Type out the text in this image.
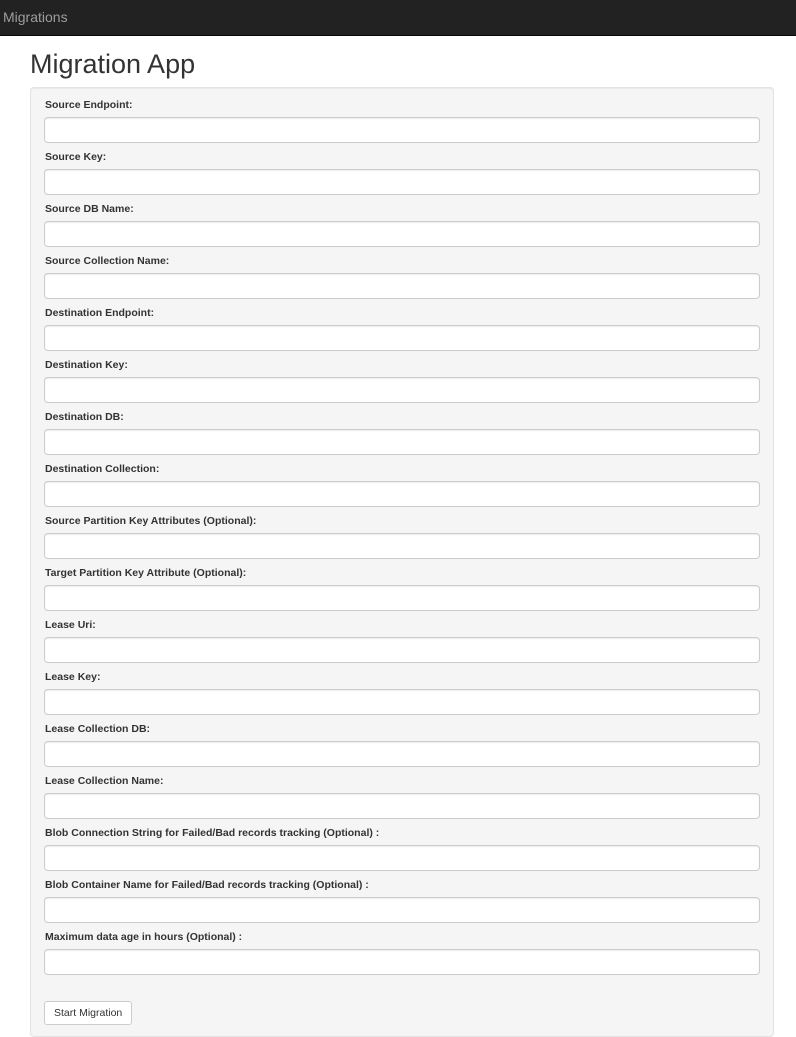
Migrations
Migration App
Source Endpoint:
Source Key:
Source DB Name:
Source Collection Name:
Destination Endpoint:
Destination Key:
Destination DB:
Destination Collection:
Source Partition Key Attributes (Optional):
Target Partition Key Attribute (Optional):
Lease Uri:
Lease Key:
Lease Collection DB:
Lease Collection Name:
Blob Connection String for Failed/Bad records tracking (Optional) :
Blob Container Name for Failed/Bad records tracking (Optional) :
Maximum data age in hours (Optional) :
Start Migration
